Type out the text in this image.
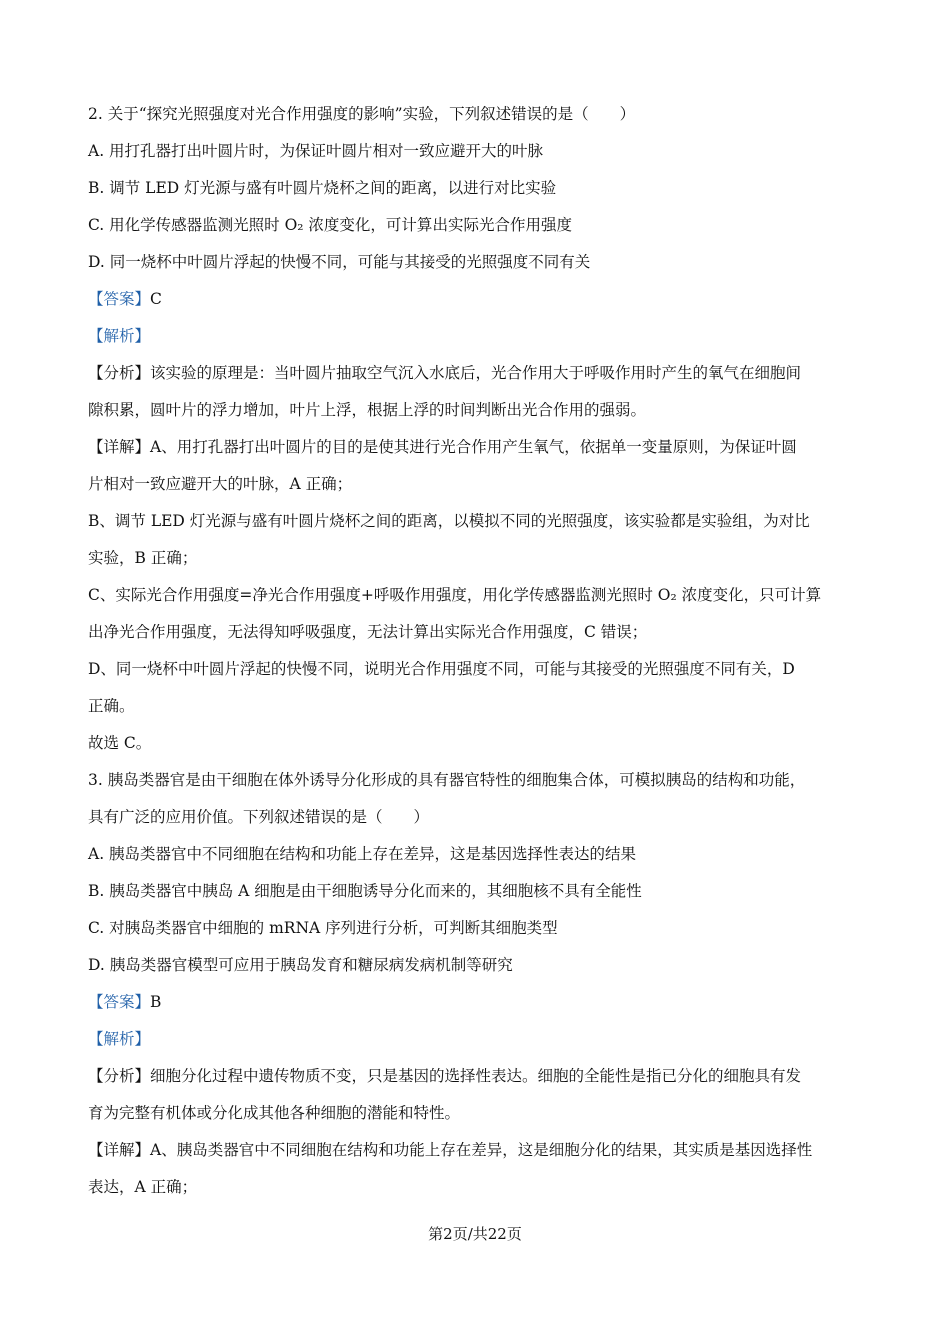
2. 关于“探究光照强度对光合作用强度的影响”实验，下列叙述错误的是（　　）
A. 用打孔器打出叶圆片时，为保证叶圆片相对一致应避开大的叶脉
B. 调节 LED 灯光源与盛有叶圆片烧杯之间的距离，以进行对比实验
C. 用化学传感器监测光照时 O₂ 浓度变化，可计算出实际光合作用强度
D. 同一烧杯中叶圆片浮起的快慢不同，可能与其接受的光照强度不同有关
【答案】C
【解析】
【分析】该实验的原理是：当叶圆片抽取空气沉入水底后，光合作用大于呼吸作用时产生的氧气在细胞间
隙积累，圆叶片的浮力增加，叶片上浮，根据上浮的时间判断出光合作用的强弱。
【详解】A、用打孔器打出叶圆片的目的是使其进行光合作用产生氧气，依据单一变量原则，为保证叶圆
片相对一致应避开大的叶脉，A 正确；
B、调节 LED 灯光源与盛有叶圆片烧杯之间的距离，以模拟不同的光照强度，该实验都是实验组，为对比
实验，B 正确；
C、实际光合作用强度=净光合作用强度+呼吸作用强度，用化学传感器监测光照时 O₂ 浓度变化，只可计算
出净光合作用强度，无法得知呼吸强度，无法计算出实际光合作用强度，C 错误；
D、同一烧杯中叶圆片浮起的快慢不同，说明光合作用强度不同，可能与其接受的光照强度不同有关，D
正确。
故选 C。
3. 胰岛类器官是由干细胞在体外诱导分化形成的具有器官特性的细胞集合体，可模拟胰岛的结构和功能，
具有广泛的应用价值。下列叙述错误的是（　　）
A. 胰岛类器官中不同细胞在结构和功能上存在差异，这是基因选择性表达的结果
B. 胰岛类器官中胰岛 A 细胞是由干细胞诱导分化而来的，其细胞核不具有全能性
C. 对胰岛类器官中细胞的 mRNA 序列进行分析，可判断其细胞类型
D. 胰岛类器官模型可应用于胰岛发育和糖尿病发病机制等研究
【答案】B
【解析】
【分析】细胞分化过程中遗传物质不变，只是基因的选择性表达。细胞的全能性是指已分化的细胞具有发
育为完整有机体或分化成其他各种细胞的潜能和特性。
【详解】A、胰岛类器官中不同细胞在结构和功能上存在差异，这是细胞分化的结果，其实质是基因选择性
表达，A 正确；
第2页/共22页
